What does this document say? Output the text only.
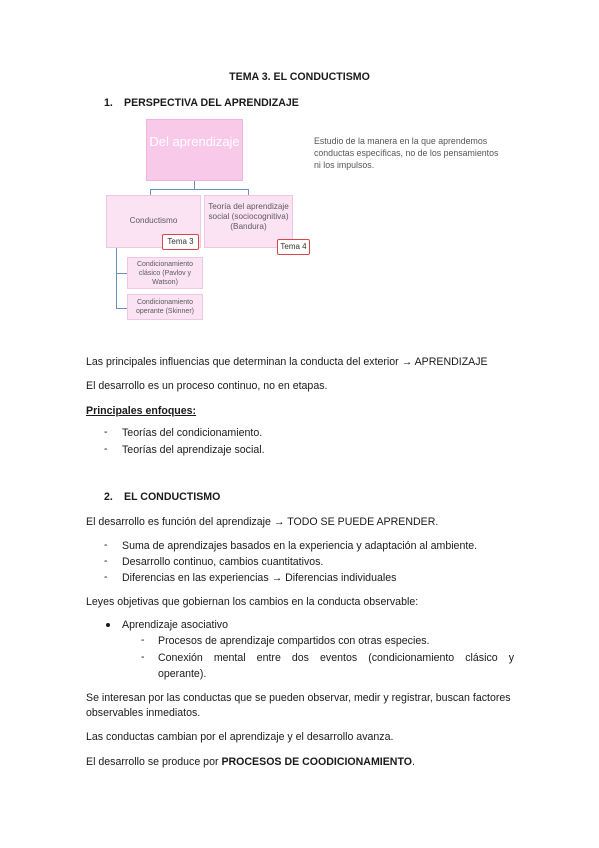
TEMA 3. EL CONDUCTISMO
1. PERSPECTIVA DEL APRENDIZAJE
Del aprendizaje	Estudio de la manera en la que aprendemos conductas específicas, no de los pensamientos ni los impulsos.
Conductismo
Teoría del aprendizaje social (sociocognitiva) (Bandura)
Tema 3
Tema 4
Condicionamiento clásico (Pavlov y Watson)
Condicionamiento operante (Skinner)
Las principales influencias que determinan la conducta del exterior → APRENDIZAJE
El desarrollo es un proceso continuo, no en etapas.
Principales enfoques:
- Teorías del condicionamiento.
- Teorías del aprendizaje social.
2. EL CONDUCTISMO
El desarrollo es función del aprendizaje → TODO SE PUEDE APRENDER.
- Suma de aprendizajes basados en la experiencia y adaptación al ambiente.
- Desarrollo continuo, cambios cuantitativos.
- Diferencias en las experiencias → Diferencias individuales
Leyes objetivas que gobiernan los cambios en la conducta observable:
Aprendizaje asociativo
- Procesos de aprendizaje compartidos con otras especies.
- Conexión mental entre dos eventos (condicionamiento clásico y
operante).
Se interesan por las conductas que se pueden observar, medir y registrar, buscan factores
observables inmediatos.
Las conductas cambian por el aprendizaje y el desarrollo avanza.
El desarrollo se produce por PROCESOS DE COODICIONAMIENTO.
